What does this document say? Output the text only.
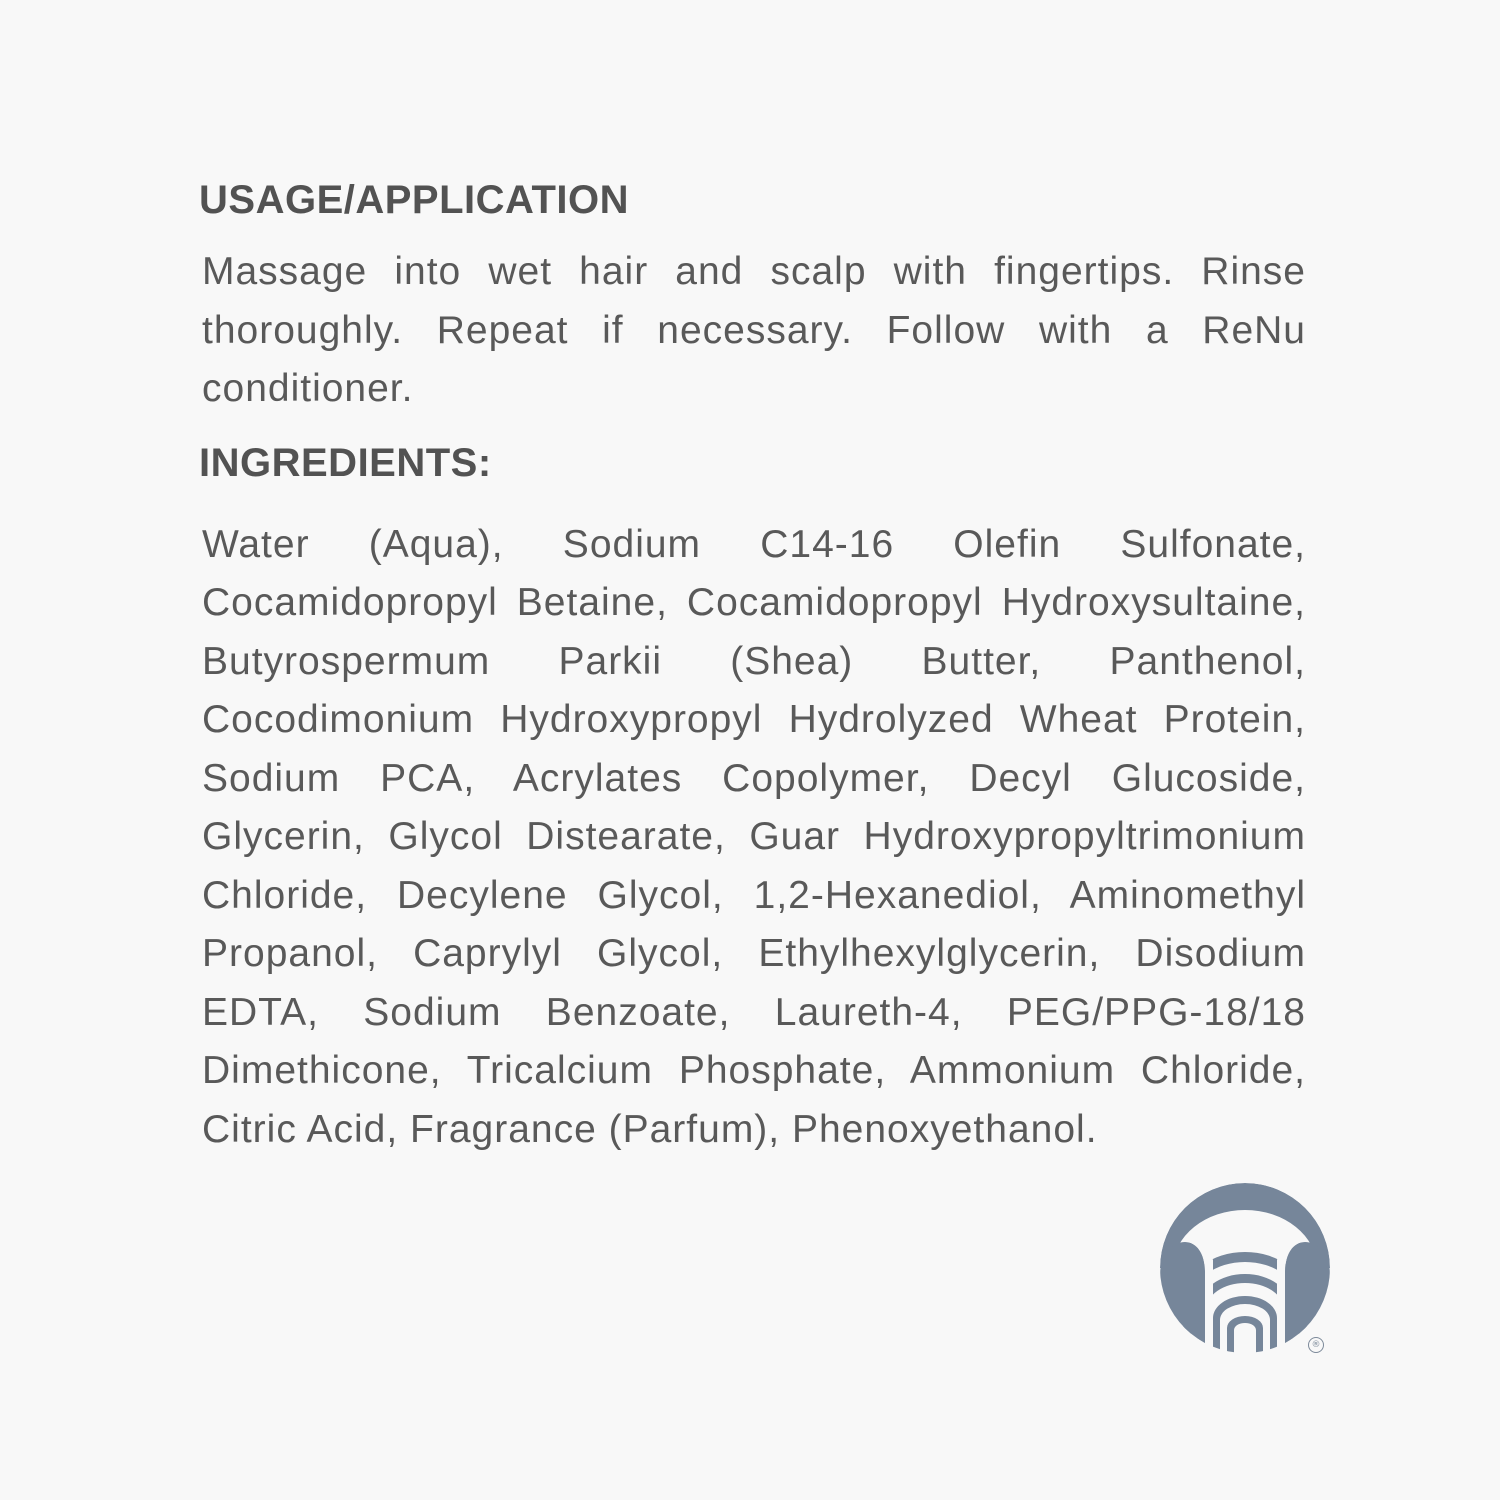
USAGE/APPLICATION

Massage into wet hair and scalp with fingertips. Rinse thoroughly. Repeat if necessary. Follow with a ReNu conditioner.

INGREDIENTS:

Water (Aqua), Sodium C14-16 Olefin Sulfonate, Cocamidopropyl Betaine, Cocamidopropyl Hydroxysultaine, Butyrospermum Parkii (Shea) Butter, Panthenol, Cocodimonium Hydroxypropyl Hydrolyzed Wheat Protein, Sodium PCA, Acrylates Copolymer, Decyl Glucoside, Glycerin, Glycol Distearate, Guar Hydroxypropyltrimonium Chloride, Decylene Glycol, 1,2-Hexanediol, Aminomethyl Propanol, Caprylyl Glycol, Ethylhexylglycerin, Disodium EDTA, Sodium Benzoate, Laureth-4, PEG/PPG-18/18 Dimethicone, Tricalcium Phosphate, Ammonium Chloride, Citric Acid, Fragrance (Parfum), Phenoxyethanol.

®
